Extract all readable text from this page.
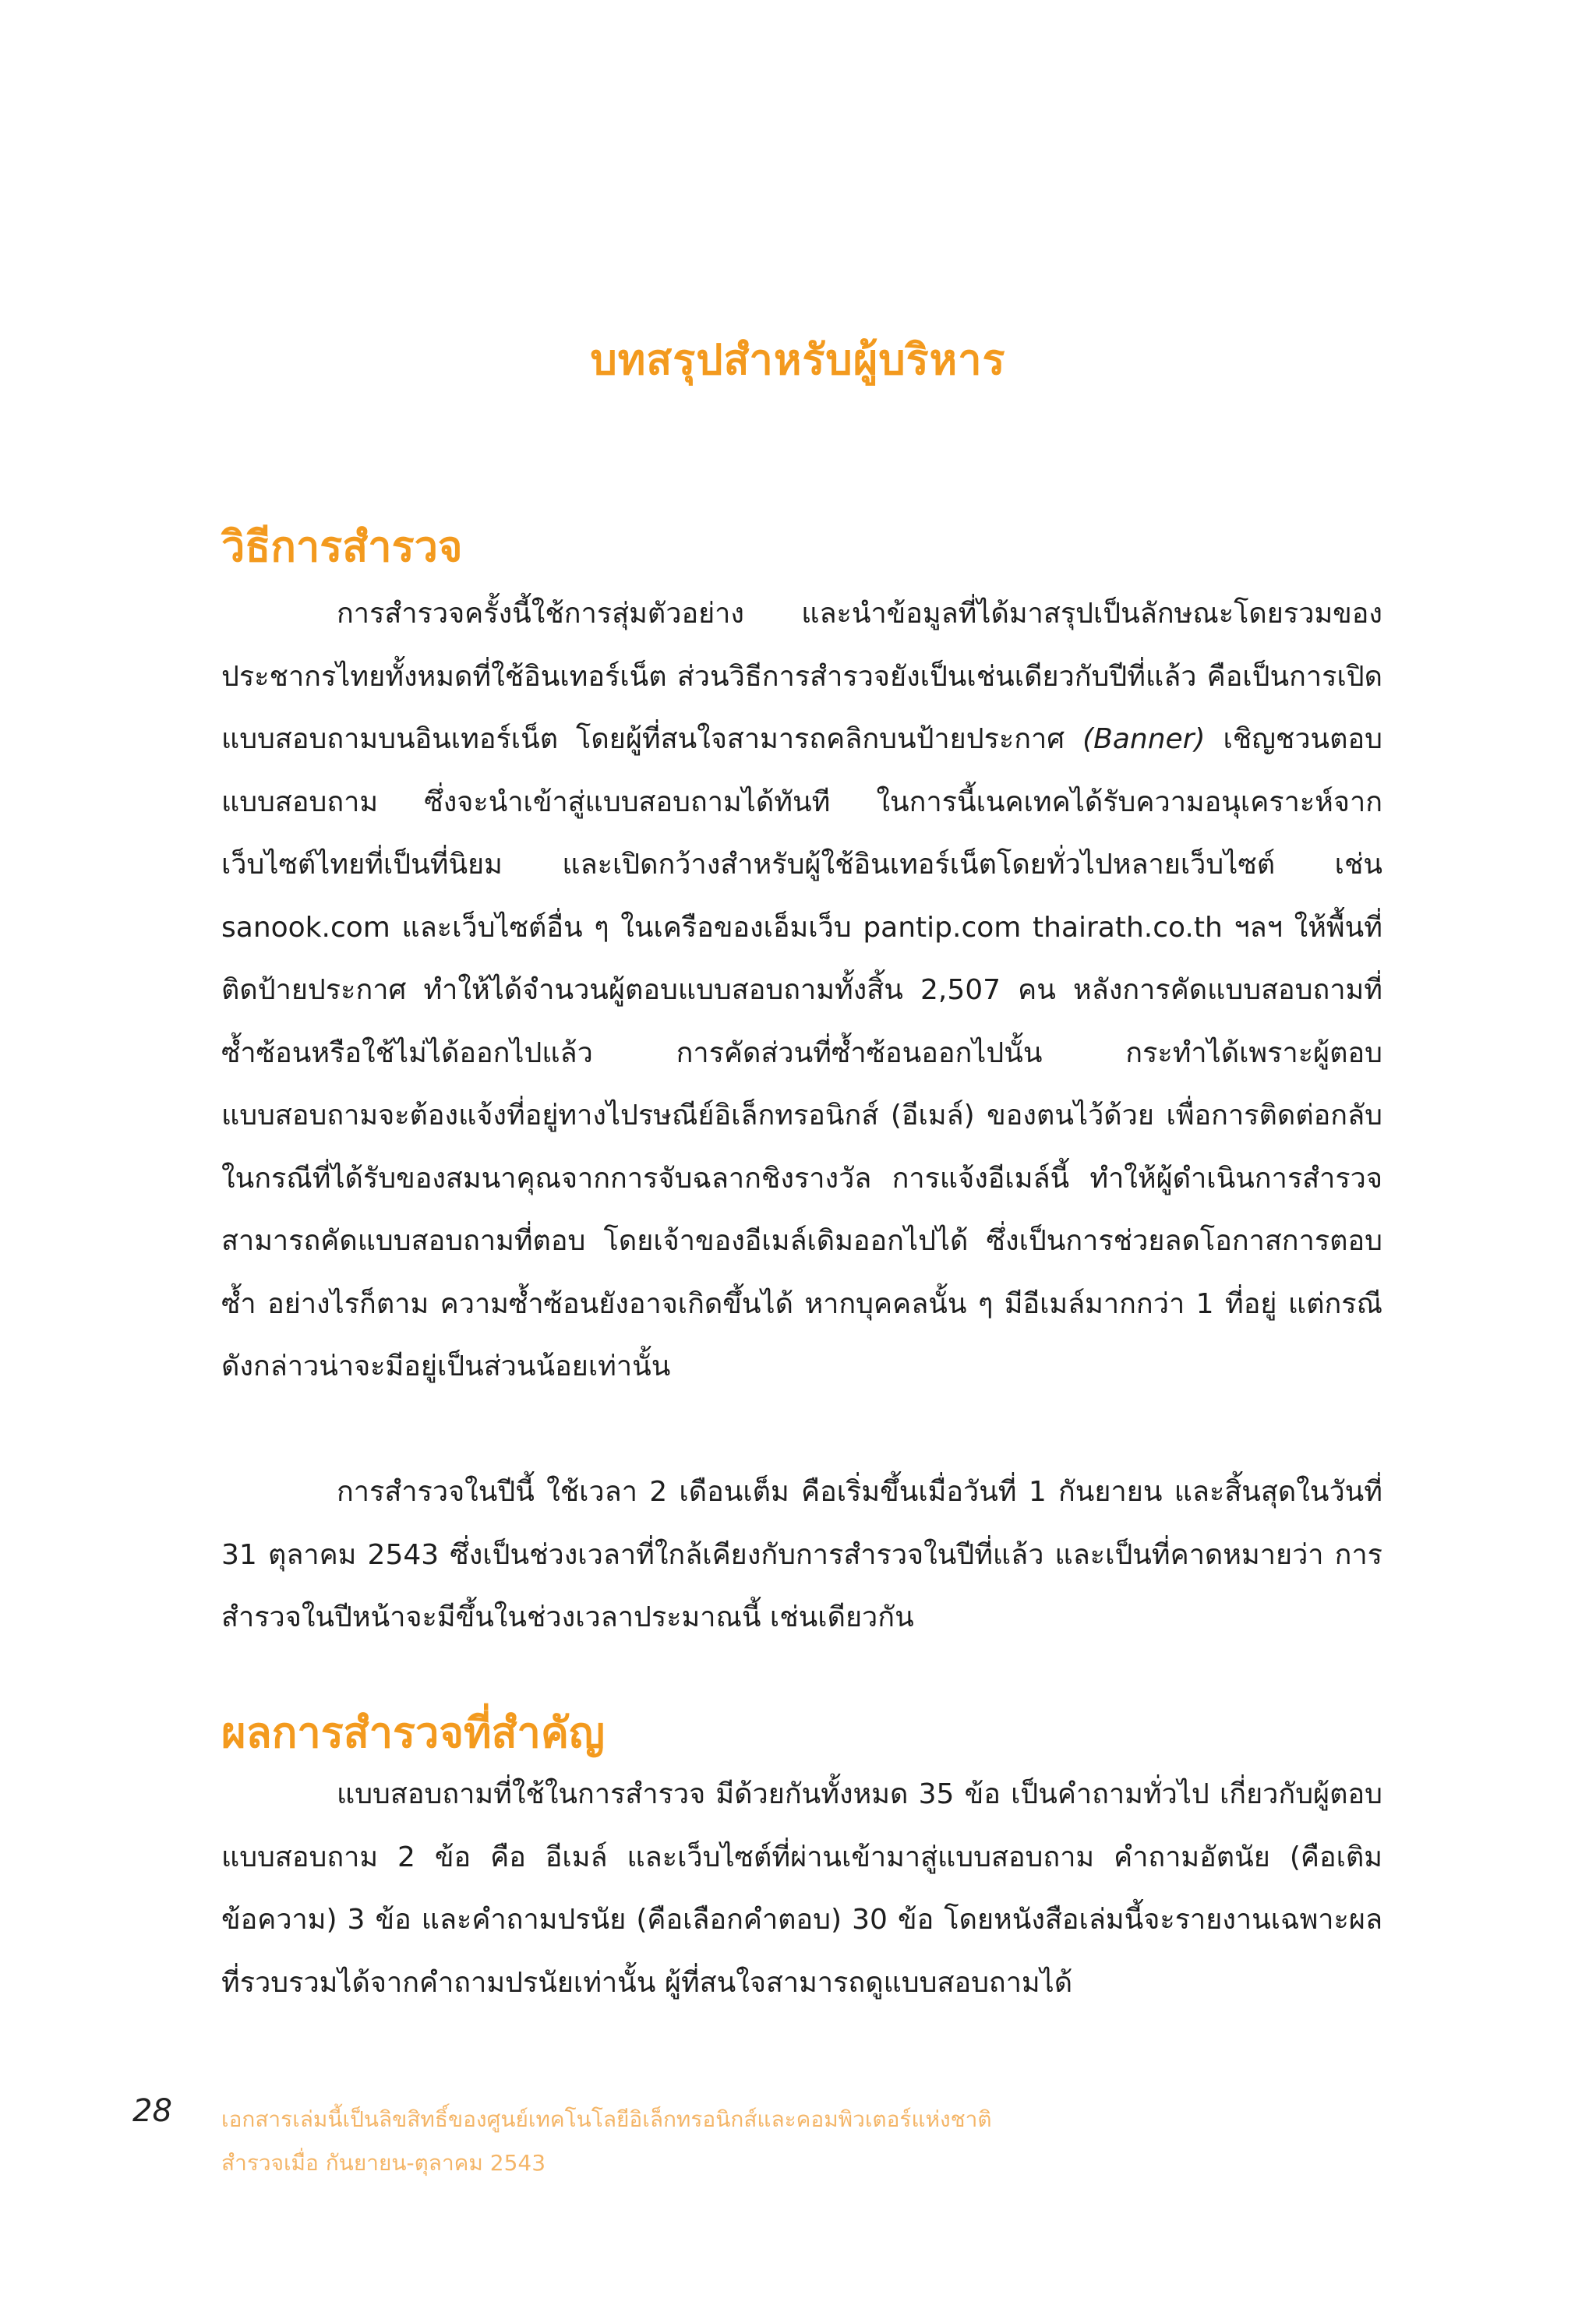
บทสรุปสำหรับผู้บริหาร
วิธีการสำรวจ

การสำรวจครั้งนี้ใช้การสุ่มตัวอย่าง และนำข้อมูลที่ได้มาสรุปเป็นลักษณะโดยรวมของประชากรไทยทั้งหมดที่ใช้อินเทอร์เน็ต ส่วนวิธีการสำรวจยังเป็นเช่นเดียวกับปีที่แล้ว คือเป็นการเปิดแบบสอบถามบนอินเทอร์เน็ต โดยผู้ที่สนใจสามารถคลิกบนป้ายประกาศ (Banner) เชิญชวนตอบแบบสอบถาม ซึ่งจะนำเข้าสู่แบบสอบถามได้ทันที ในการนี้เนคเทคได้รับความอนุเคราะห์จากเว็บไซต์ไทยที่เป็นที่นิยม และเปิดกว้างสำหรับผู้ใช้อินเทอร์เน็ตโดยทั่วไปหลายเว็บไซต์ เช่น sanook.com และเว็บไซต์อื่น ๆ ในเครือของเอ็มเว็บ pantip.com thairath.co.th ฯลฯ ให้พื้นที่ติดป้ายประกาศ ทำให้ได้จำนวนผู้ตอบแบบสอบถามทั้งสิ้น 2,507 คน หลังการคัดแบบสอบถามที่ซ้ำซ้อนหรือใช้ไม่ได้ออกไปแล้ว การคัดส่วนที่ซ้ำซ้อนออกไปนั้น กระทำได้เพราะผู้ตอบแบบสอบถามจะต้องแจ้งที่อยู่ทางไปรษณีย์อิเล็กทรอนิกส์ (อีเมล์) ของตนไว้ด้วย เพื่อการติดต่อกลับ ในกรณีที่ได้รับของสมนาคุณจากการจับฉลากชิงรางวัล การแจ้งอีเมล์นี้ ทำให้ผู้ดำเนินการสำรวจสามารถคัดแบบสอบถามที่ตอบ โดยเจ้าของอีเมล์เดิมออกไปได้ ซึ่งเป็นการช่วยลดโอกาสการตอบซ้ำ อย่างไรก็ตาม ความซ้ำซ้อนยังอาจเกิดขึ้นได้ หากบุคคลนั้น ๆ มีอีเมล์มากกว่า 1 ที่อยู่ แต่กรณีดังกล่าวน่าจะมีอยู่เป็นส่วนน้อยเท่านั้น

การสำรวจในปีนี้ ใช้เวลา 2 เดือนเต็ม คือเริ่มขึ้นเมื่อวันที่ 1 กันยายน และสิ้นสุดในวันที่ 31 ตุลาคม 2543 ซึ่งเป็นช่วงเวลาที่ใกล้เคียงกับการสำรวจในปีที่แล้ว และเป็นที่คาดหมายว่า การสำรวจในปีหน้าจะมีขึ้นในช่วงเวลาประมาณนี้ เช่นเดียวกัน

ผลการสำรวจที่สำคัญ

แบบสอบถามที่ใช้ในการสำรวจ มีด้วยกันทั้งหมด 35 ข้อ เป็นคำถามทั่วไป เกี่ยวกับผู้ตอบแบบสอบถาม 2 ข้อ คือ อีเมล์ และเว็บไซต์ที่ผ่านเข้ามาสู่แบบสอบถาม คำถามอัตนัย (คือเติมข้อความ) 3 ข้อ และคำถามปรนัย (คือเลือกคำตอบ) 30 ข้อ โดยหนังสือเล่มนี้จะรายงานเฉพาะผลที่รวบรวมได้จากคำถามปรนัยเท่านั้น ผู้ที่สนใจสามารถดูแบบสอบถามได้

28 เอกสารเล่มนี้เป็นลิขสิทธิ์ของศูนย์เทคโนโลยีอิเล็กทรอนิกส์และคอมพิวเตอร์แห่งชาติ
สำรวจเมื่อ กันยายน-ตุลาคม 2543
